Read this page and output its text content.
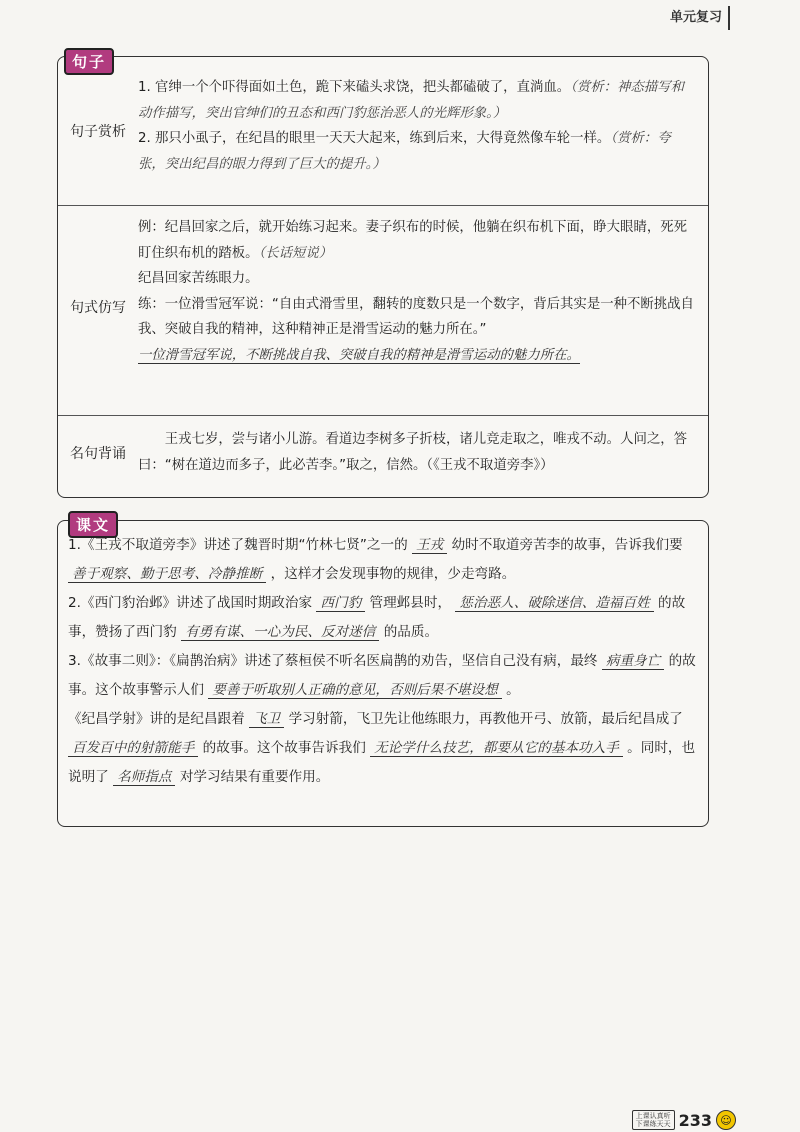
单元复习
句子
句子赏析
1. 官绅一个个吓得面如土色，跪下来磕头求饶，把头都磕破了，直淌血。（赏析：神态描写和动作描写，突出官绅们的丑态和西门豹惩治恶人的光辉形象。）
2. 那只小虱子，在纪昌的眼里一天天大起来，练到后来，大得竟然像车轮一样。（赏析：夸张，突出纪昌的眼力得到了巨大的提升。）
句式仿写
例：纪昌回家之后，就开始练习起来。妻子织布的时候，他躺在织布机下面，睁大眼睛，死死盯住织布机的踏板。（长话短说）
纪昌回家苦练眼力。
练：一位滑雪冠军说：“自由式滑雪里，翻转的度数只是一个数字，背后其实是一种不断挑战自我、突破自我的精神，这种精神正是滑雪运动的魅力所在。”
一位滑雪冠军说，不断挑战自我、突破自我的精神是滑雪运动的魅力所在。
名句背诵
王戎七岁，尝与诸小儿游。看道边李树多子折枝，诸儿竞走取之，唯戎不动。人问之，答曰：“树在道边而多子，此必苦李。”取之，信然。（《王戎不取道旁李》）
课文

1.《王戎不取道旁李》讲述了魏晋时期“竹林七贤”之一的 王戎 幼时不取道旁苦李的故事，告诉我们要 善于观察、勤于思考、冷静推断 ，这样才会发现事物的规律，少走弯路。

2.《西门豹治邺》讲述了战国时期政治家 西门豹 管理邺县时， 惩治恶人、破除迷信、造福百姓 的故事，赞扬了西门豹 有勇有谋、一心为民、反对迷信 的品质。

3.《故事二则》：《扁鹊治病》讲述了蔡桓侯不听名医扁鹊的劝告，坚信自己没有病，最终 病重身亡 的故事。这个故事警示人们 要善于听取别人正确的意见，否则后果不堪设想 。

《纪昌学射》讲的是纪昌跟着 飞卫 学习射箭，飞卫先让他练眼力，再教他开弓、放箭，最后纪昌成了 百发百中的射箭能手 的故事。这个故事告诉我们 无论学什么技艺，都要从它的基本功入手 。同时，也说明了 名师指点 对学习结果有重要作用。

上课认真听
下课练天天 233 ☺
